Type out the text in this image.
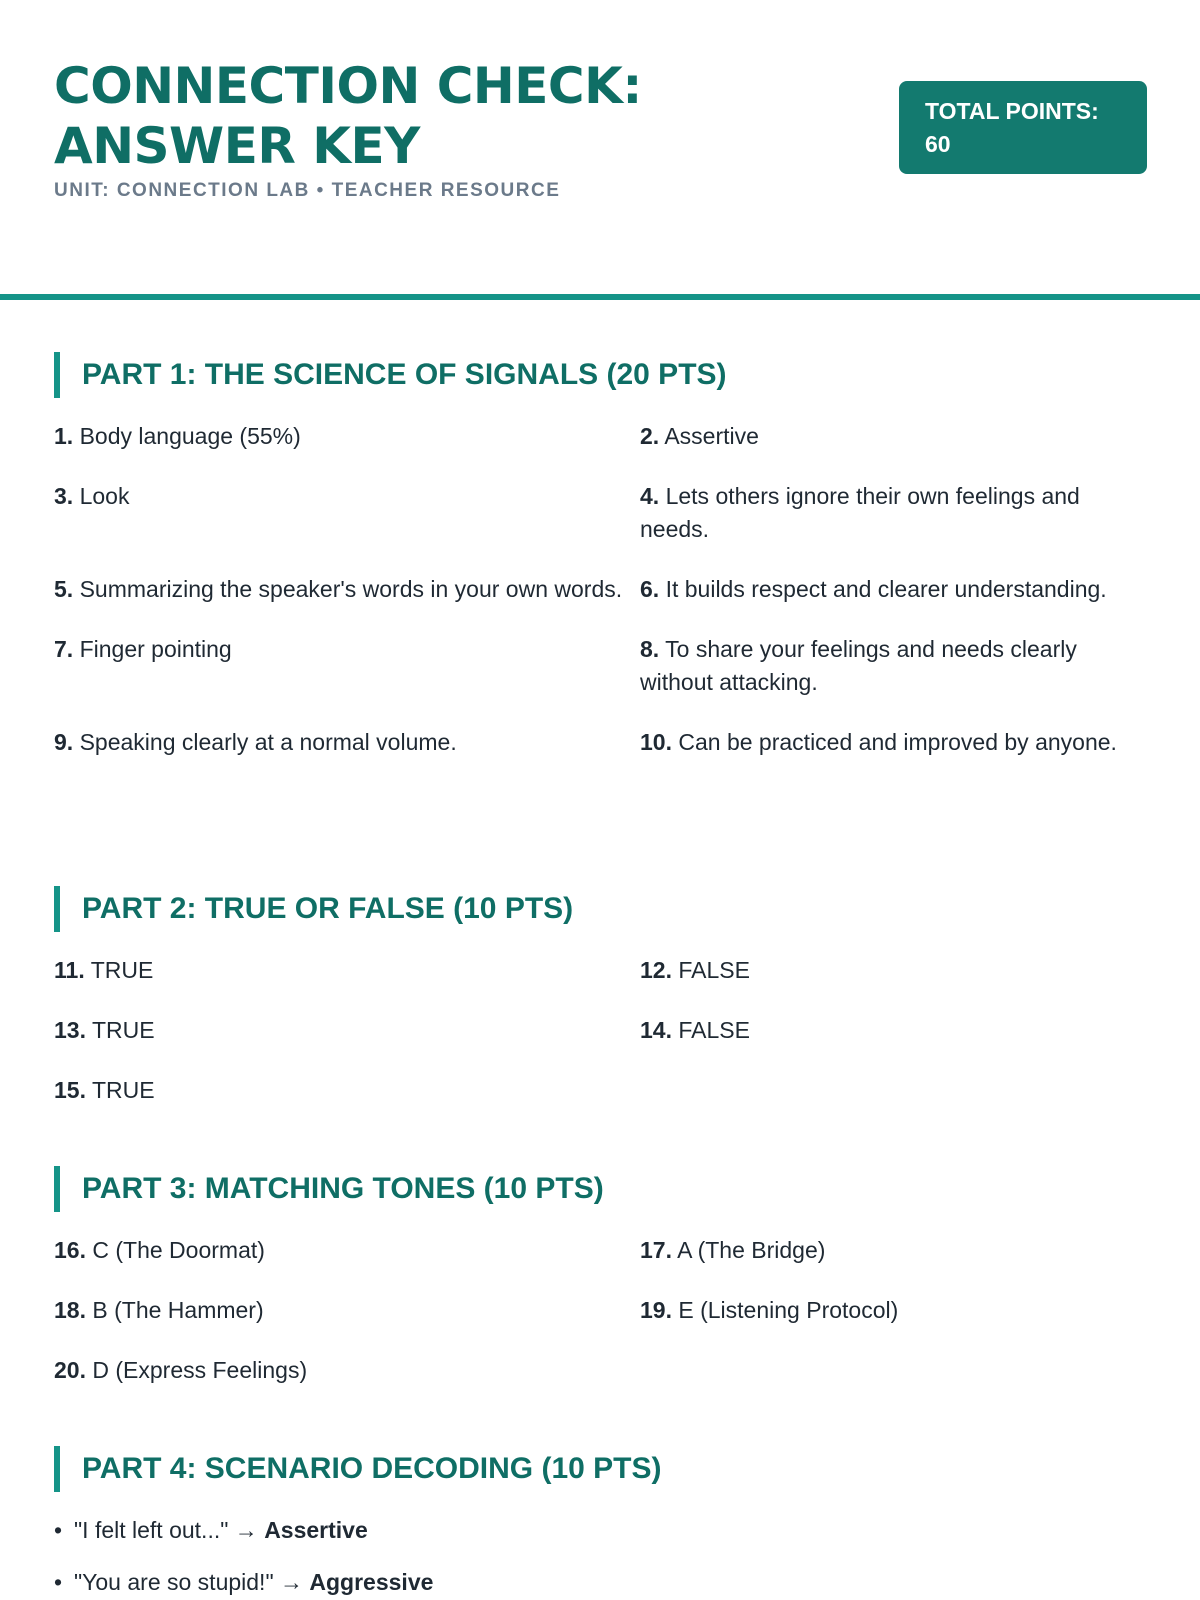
CONNECTION CHECK: ANSWER KEY
UNIT: CONNECTION LAB • TEACHER RESOURCE
TOTAL POINTS: 60
PART 1: THE SCIENCE OF SIGNALS (20 PTS)
1. Body language (55%)	2. Assertive
3. Look	4. Lets others ignore their own feelings and needs.
5. Summarizing the speaker's words in your own words. 6. It builds respect and clearer understanding.
7. Finger pointing	8. To share your feelings and needs clearly without attacking.
9. Speaking clearly at a normal volume.	10. Can be practiced and improved by anyone.
PART 2: TRUE OR FALSE (10 PTS)
11. TRUE	12. FALSE
13. TRUE	14. FALSE
15. TRUE
PART 3: MATCHING TONES (10 PTS)
16. C (The Doormat)	17. A (The Bridge)
18. B (The Hammer)	19. E (Listening Protocol)
20. D (Express Feelings)
PART 4: SCENARIO DECODING (10 PTS)
• "I felt left out..." → Assertive
• "You are so stupid!" → Aggressive
